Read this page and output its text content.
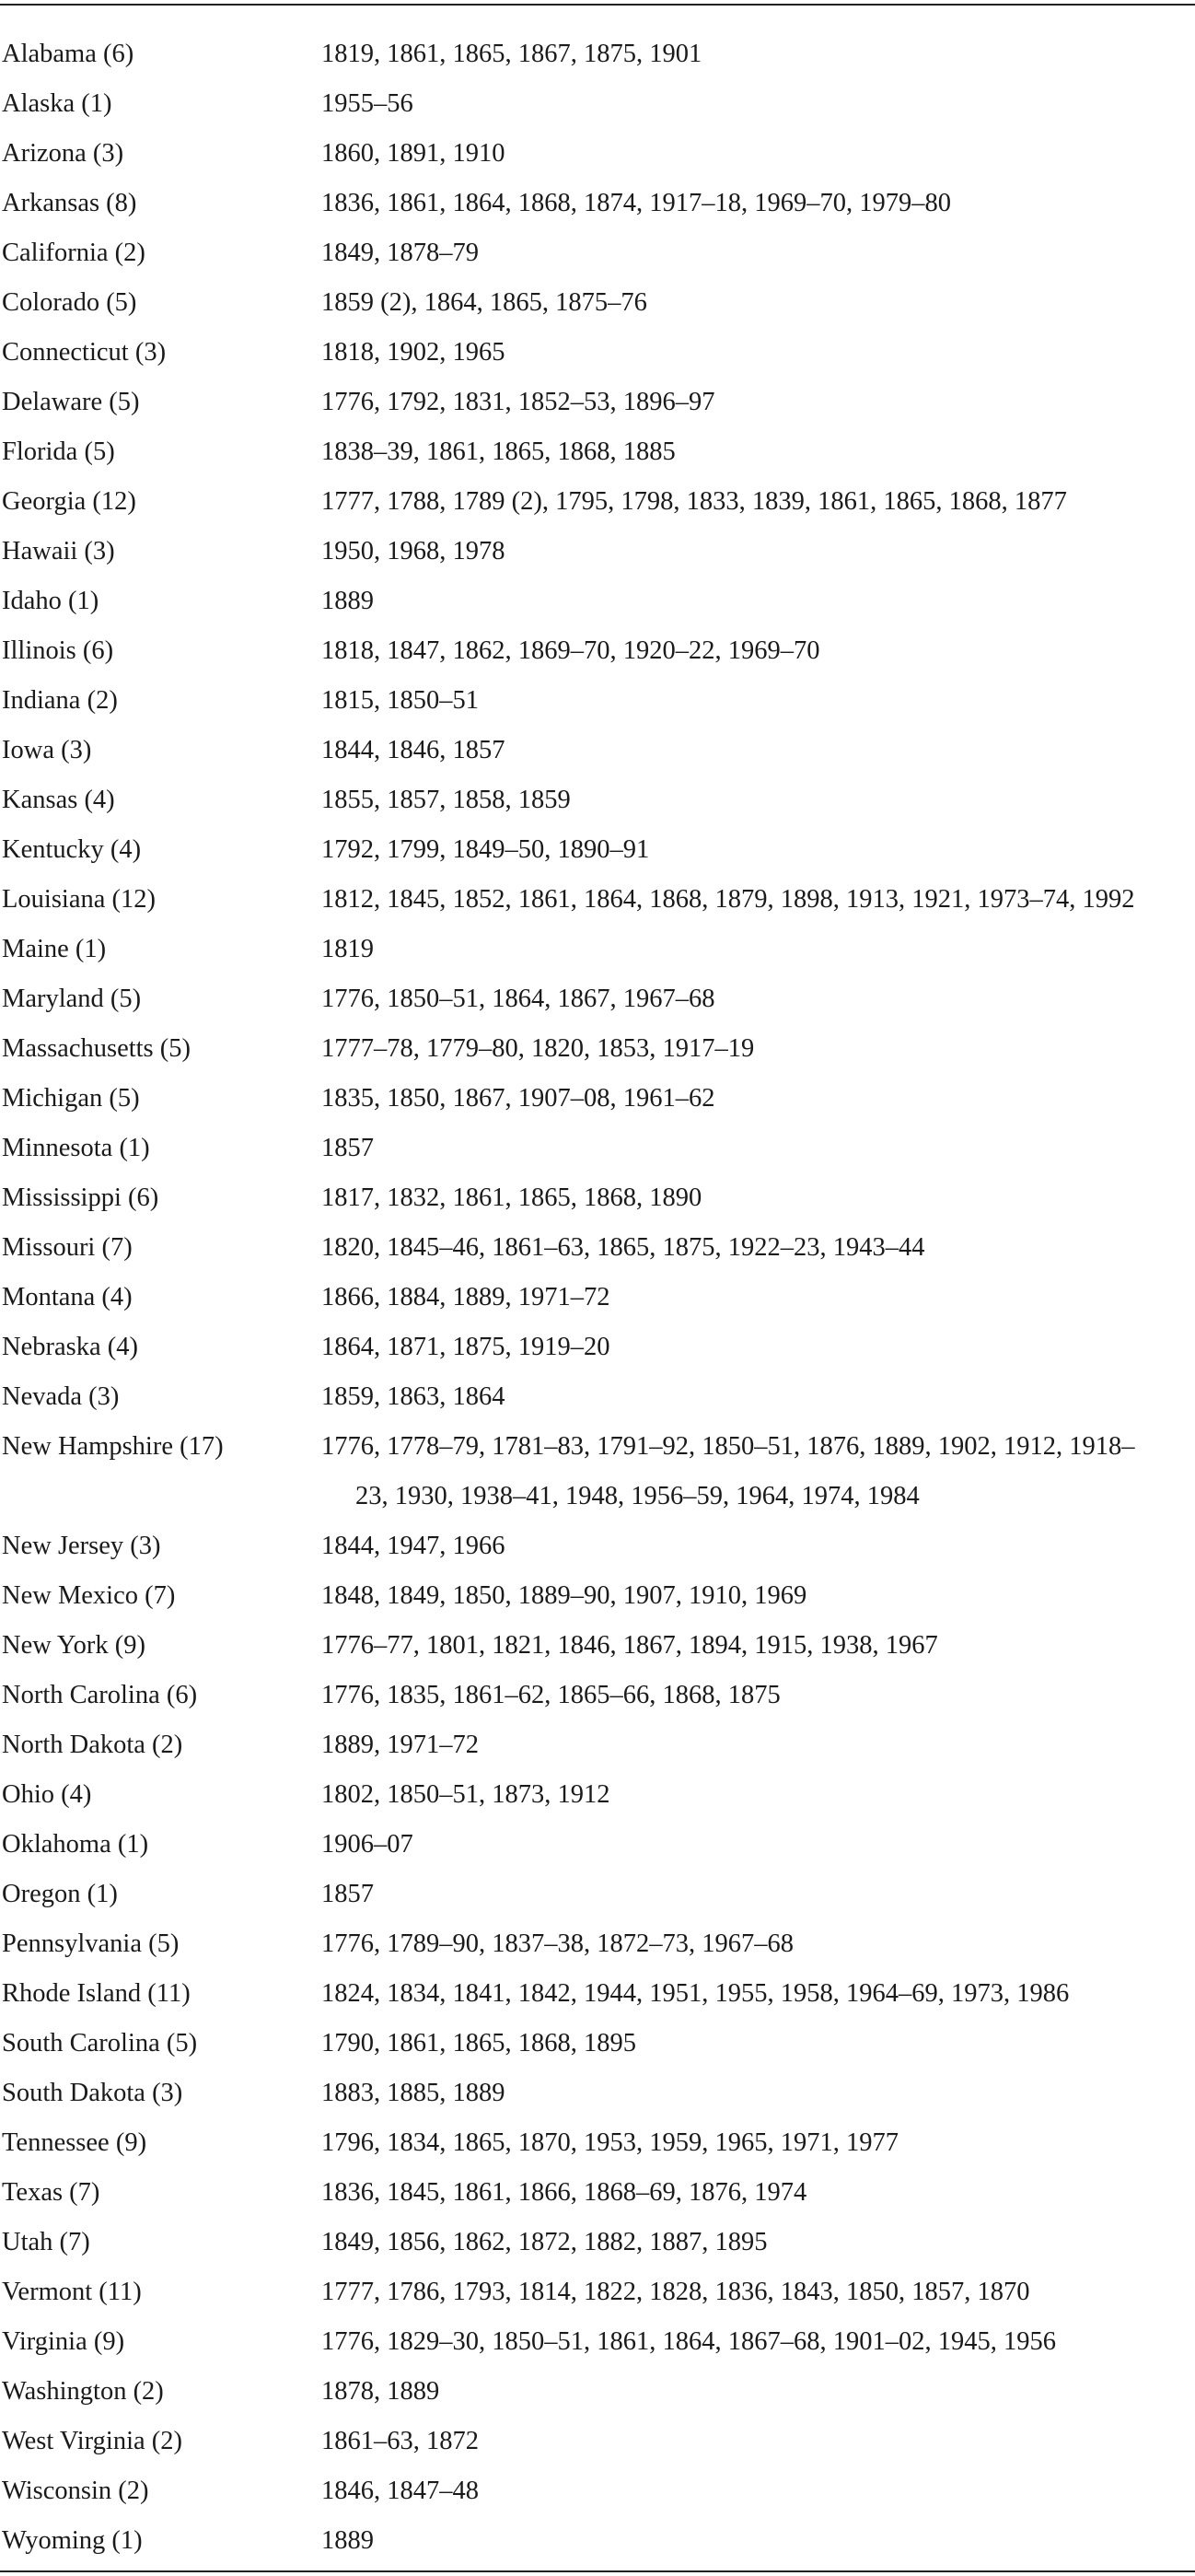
Alabama (6)	1819, 1861, 1865, 1867, 1875, 1901
Alaska (1)	1955–56
Arizona (3)	1860, 1891, 1910
Arkansas (8)	1836, 1861, 1864, 1868, 1874, 1917–18, 1969–70, 1979–80
California (2)	1849, 1878–79
Colorado (5)	1859 (2), 1864, 1865, 1875–76
Connecticut (3)	1818, 1902, 1965
Delaware (5)	1776, 1792, 1831, 1852–53, 1896–97
Florida (5)	1838–39, 1861, 1865, 1868, 1885
Georgia (12)	1777, 1788, 1789 (2), 1795, 1798, 1833, 1839, 1861, 1865, 1868, 1877
Hawaii (3)	1950, 1968, 1978
Idaho (1)	1889
Illinois (6)	1818, 1847, 1862, 1869–70, 1920–22, 1969–70
Indiana (2)	1815, 1850–51
Iowa (3)	1844, 1846, 1857
Kansas (4)	1855, 1857, 1858, 1859
Kentucky (4)	1792, 1799, 1849–50, 1890–91
Louisiana (12)	1812, 1845, 1852, 1861, 1864, 1868, 1879, 1898, 1913, 1921, 1973–74, 1992
Maine (1)	1819
Maryland (5)	1776, 1850–51, 1864, 1867, 1967–68
Massachusetts (5)	1777–78, 1779–80, 1820, 1853, 1917–19
Michigan (5)	1835, 1850, 1867, 1907–08, 1961–62
Minnesota (1)	1857
Mississippi (6)	1817, 1832, 1861, 1865, 1868, 1890
Missouri (7)	1820, 1845–46, 1861–63, 1865, 1875, 1922–23, 1943–44
Montana (4)	1866, 1884, 1889, 1971–72
Nebraska (4)	1864, 1871, 1875, 1919–20
Nevada (3)	1859, 1863, 1864
New Hampshire (17)	1776, 1778–79, 1781–83, 1791–92, 1850–51, 1876, 1889, 1902, 1912, 1918–
23, 1930, 1938–41, 1948, 1956–59, 1964, 1974, 1984
New Jersey (3)	1844, 1947, 1966
New Mexico (7)	1848, 1849, 1850, 1889–90, 1907, 1910, 1969
New York (9)	1776–77, 1801, 1821, 1846, 1867, 1894, 1915, 1938, 1967
North Carolina (6)	1776, 1835, 1861–62, 1865–66, 1868, 1875
North Dakota (2)	1889, 1971–72
Ohio (4)	1802, 1850–51, 1873, 1912
Oklahoma (1)	1906–07
Oregon (1)	1857
Pennsylvania (5)	1776, 1789–90, 1837–38, 1872–73, 1967–68
Rhode Island (11)	1824, 1834, 1841, 1842, 1944, 1951, 1955, 1958, 1964–69, 1973, 1986
South Carolina (5)	1790, 1861, 1865, 1868, 1895
South Dakota (3)	1883, 1885, 1889
Tennessee (9)	1796, 1834, 1865, 1870, 1953, 1959, 1965, 1971, 1977
Texas (7)	1836, 1845, 1861, 1866, 1868–69, 1876, 1974
Utah (7)	1849, 1856, 1862, 1872, 1882, 1887, 1895
Vermont (11)	1777, 1786, 1793, 1814, 1822, 1828, 1836, 1843, 1850, 1857, 1870
Virginia (9)	1776, 1829–30, 1850–51, 1861, 1864, 1867–68, 1901–02, 1945, 1956
Washington (2)	1878, 1889
West Virginia (2)	1861–63, 1872
Wisconsin (2)	1846, 1847–48
Wyoming (1)	1889
